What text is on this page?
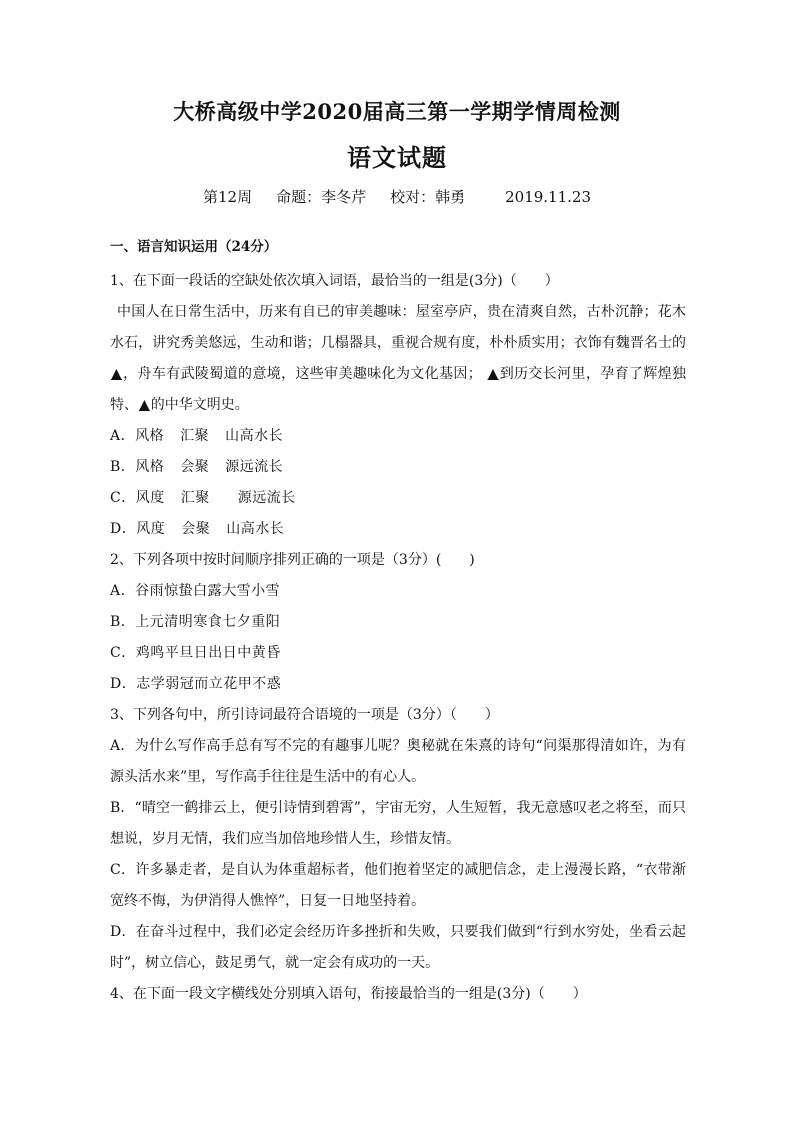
大桥高级中学2020届高三第一学期学情周检测
语文试题
第12周 命题：李冬芹 校对：韩勇	2019.11.23
一、语言知识运用（24分）
1、在下面一段话的空缺处依次填入词语，最恰当的一组是(3分)（　　）
中国人在日常生活中，历来有自已的审美趣味：屋室亭庐，贵在清爽自然，古朴沉静；花木水石，讲究秀美悠远，生动和谐；几榻器具，重视合规有度，朴朴质实用；衣饰有魏晋名士的 ▲，舟车有武陵蜀道的意境，这些审美趣味化为文化基因； ▲到历交长河里，孕育了辉煌独特、▲的中华文明史。
A．风格 汇聚 山高水长
B．风格 会聚 源远流长
C．风度 汇聚 源远流长
D．风度 会聚 山高水长
2、下列各项中按时间顺序排列正确的一项是（3分）(　　)
A．谷雨惊蛰白露大雪小雪
B．上元清明寒食七夕重阳
C．鸡鸣平旦日出日中黄昏
D．志学弱冠而立花甲不惑
3、下列各句中，所引诗词最符合语境的一项是（3分）（　　）
A．为什么写作高手总有写不完的有趣事儿呢？奥秘就在朱熹的诗句“问渠那得清如许，为有源头活水来”里，写作高手往往是生活中的有心人。
B．“晴空一鹤排云上，便引诗情到碧霄”，宇宙无穷，人生短暂，我无意感叹老之将至，而只想说，岁月无情，我们应当加倍地珍惜人生，珍惜友情。
C．许多暴走者，是自认为体重超标者，他们抱着坚定的减肥信念，走上漫漫长路，“衣带渐宽终不悔，为伊消得人憔悴”，日复一日地坚持着。
D．在奋斗过程中，我们必定会经历许多挫折和失败，只要我们做到“行到水穷处，坐看云起时”，树立信心，鼓足勇气，就一定会有成功的一天。
4、在下面一段文字横线处分别填入语句，衔接最恰当的一组是(3分)（　　）
